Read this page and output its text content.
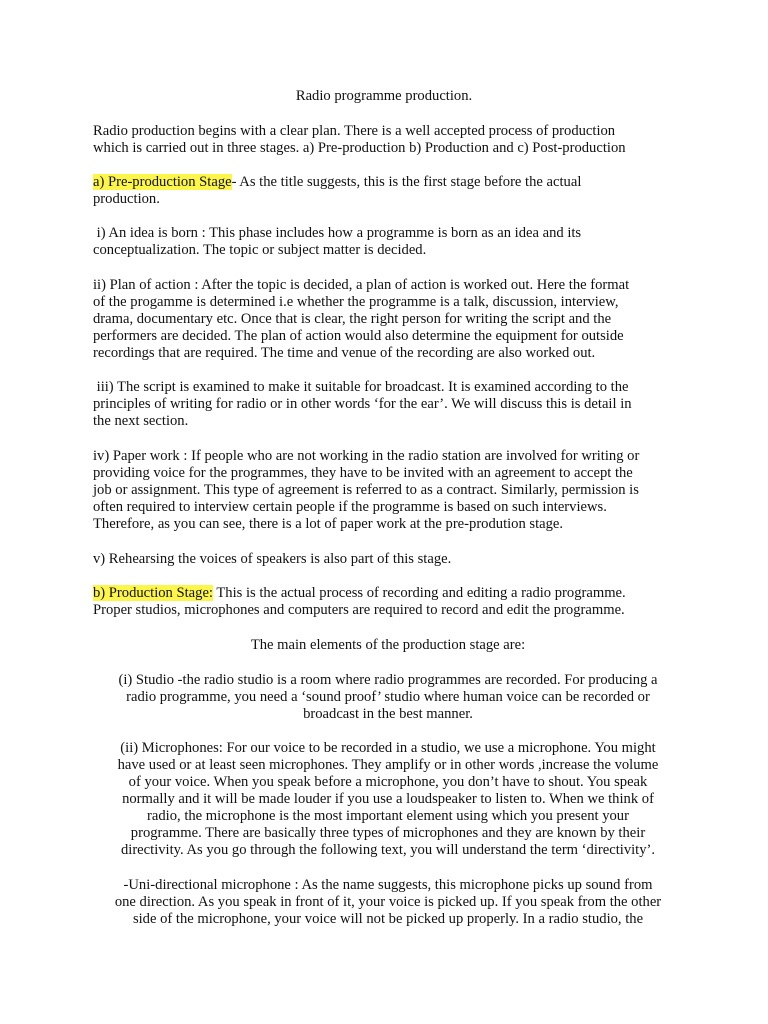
Radio programme production.

Radio production begins with a clear plan. There is a well accepted process of production
which is carried out in three stages. a) Pre-production b) Production and c) Post-production

a) Pre-production Stage- As the title suggests, this is the first stage before the actual
production.

i) An idea is born : This phase includes how a programme is born as an idea and its
conceptualization. The topic or subject matter is decided.

ii) Plan of action : After the topic is decided, a plan of action is worked out. Here the format
of the progamme is determined i.e whether the programme is a talk, discussion, interview,
drama, documentary etc. Once that is clear, the right person for writing the script and the
performers are decided. The plan of action would also determine the equipment for outside
recordings that are required. The time and venue of the recording are also worked out.

iii) The script is examined to make it suitable for broadcast. It is examined according to the
principles of writing for radio or in other words ‘for the ear’. We will discuss this is detail in
the next section.

iv) Paper work : If people who are not working in the radio station are involved for writing or
providing voice for the programmes, they have to be invited with an agreement to accept the
job or assignment. This type of agreement is referred to as a contract. Similarly, permission is
often required to interview certain people if the programme is based on such interviews.
Therefore, as you can see, there is a lot of paper work at the pre-prodution stage.

v) Rehearsing the voices of speakers is also part of this stage.

b) Production Stage: This is the actual process of recording and editing a radio programme.
Proper studios, microphones and computers are required to record and edit the programme.

The main elements of the production stage are:

(i) Studio -the radio studio is a room where radio programmes are recorded. For producing a
radio programme, you need a ‘sound proof’ studio where human voice can be recorded or
broadcast in the best manner.

(ii) Microphones: For our voice to be recorded in a studio, we use a microphone. You might
have used or at least seen microphones. They amplify or in other words ,increase the volume
of your voice. When you speak before a microphone, you don’t have to shout. You speak
normally and it will be made louder if you use a loudspeaker to listen to. When we think of
radio, the microphone is the most important element using which you present your
programme. There are basically three types of microphones and they are known by their
directivity. As you go through the following text, you will understand the term ‘directivity’.

-Uni-directional microphone : As the name suggests, this microphone picks up sound from
one direction. As you speak in front of it, your voice is picked up. If you speak from the other
side of the microphone, your voice will not be picked up properly. In a radio studio, the
